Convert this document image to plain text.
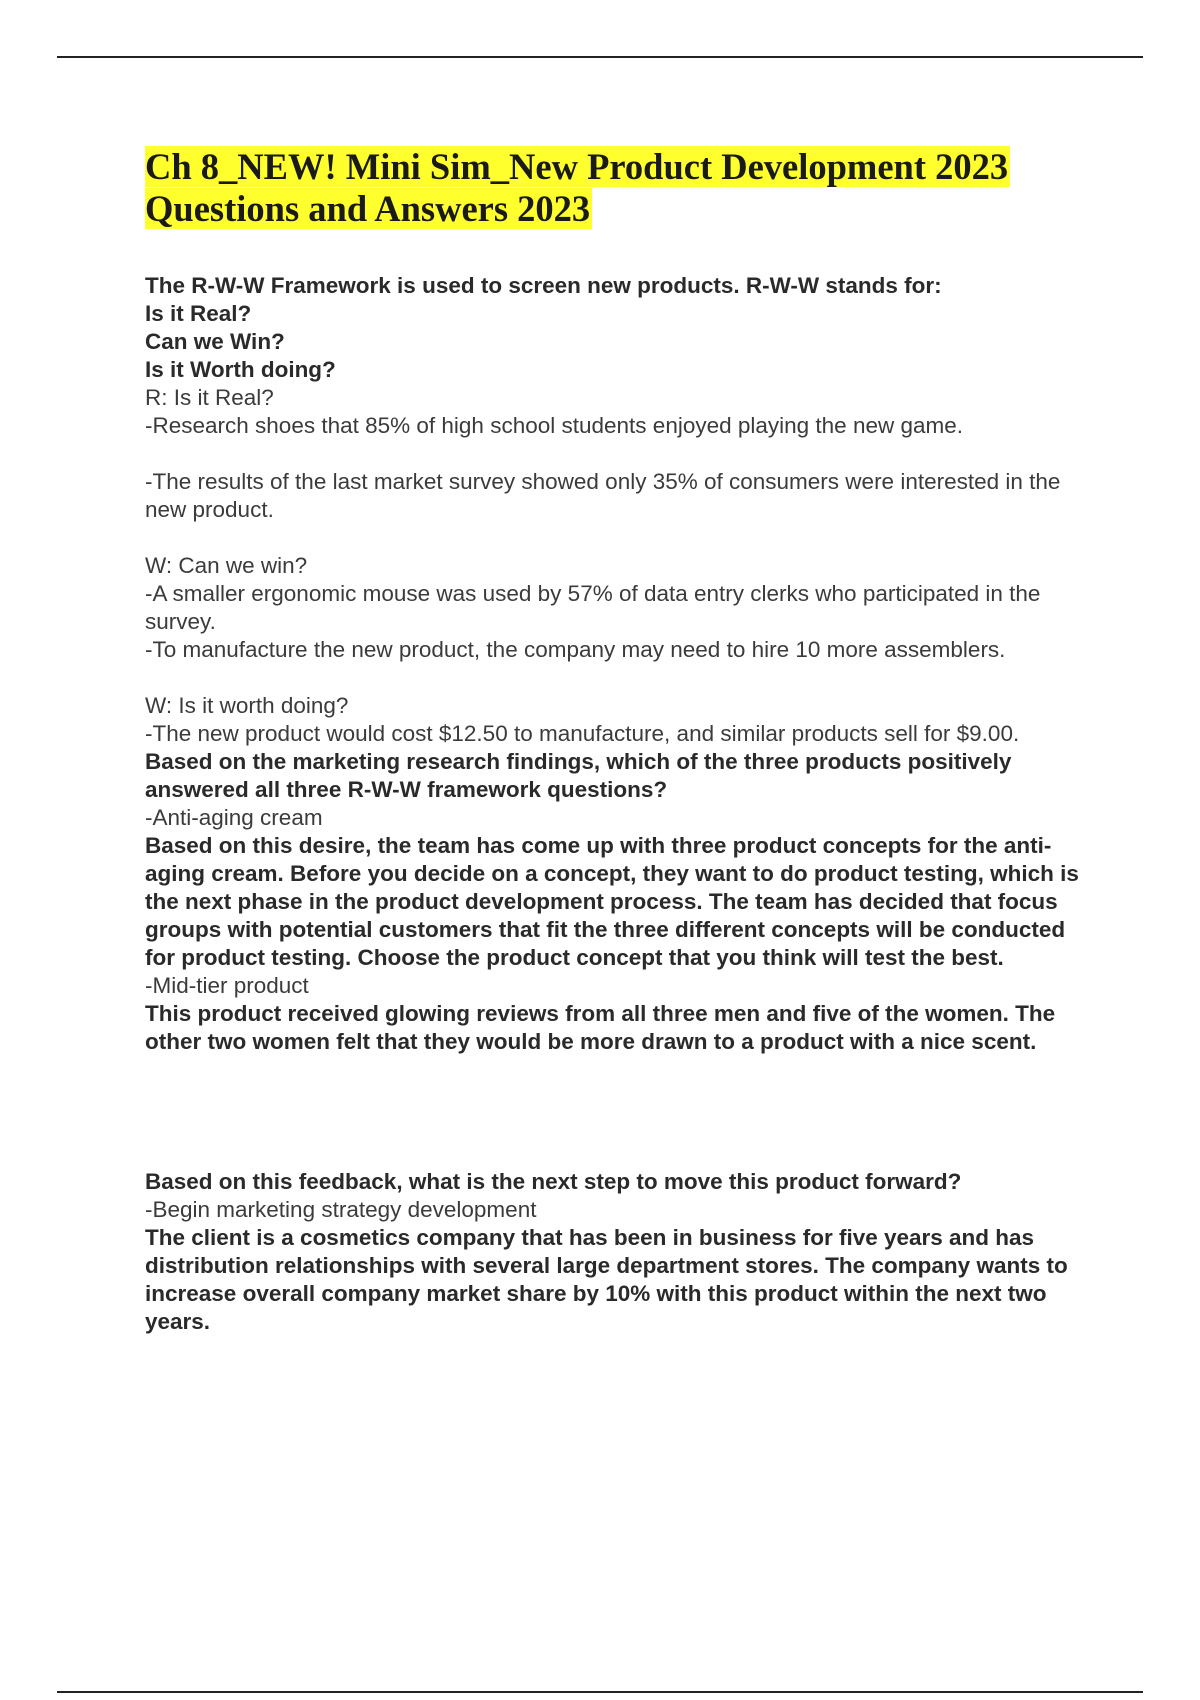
Ch 8_NEW! Mini Sim_New Product Development 2023
Questions and Answers 2023

The R-W-W Framework is used to screen new products. R-W-W stands for:

Is it Real?

Can we Win?

Is it Worth doing?

R: Is it Real?

-Research shoes that 85% of high school students enjoyed playing the new game.

-The results of the last market survey showed only 35% of consumers were interested in the new product.

W: Can we win?

-A smaller ergonomic mouse was used by 57% of data entry clerks who participated in the survey.

-To manufacture the new product, the company may need to hire 10 more assemblers.

W: Is it worth doing?

-The new product would cost $12.50 to manufacture, and similar products sell for $9.00.

Based on the marketing research findings, which of the three products positively answered all three R-W-W framework questions?

-Anti-aging cream

Based on this desire, the team has come up with three product concepts for the anti-aging cream. Before you decide on a concept, they want to do product testing, which is the next phase in the product development process. The team has decided that focus groups with potential customers that fit the three different concepts will be conducted for product testing. Choose the product concept that you think will test the best.

-Mid-tier product

This product received glowing reviews from all three men and five of the women. The other two women felt that they would be more drawn to a product with a nice scent.

Based on this feedback, what is the next step to move this product forward?

-Begin marketing strategy development

The client is a cosmetics company that has been in business for five years and has distribution relationships with several large department stores. The company wants to increase overall company market share by 10% with this product within the next two years.
